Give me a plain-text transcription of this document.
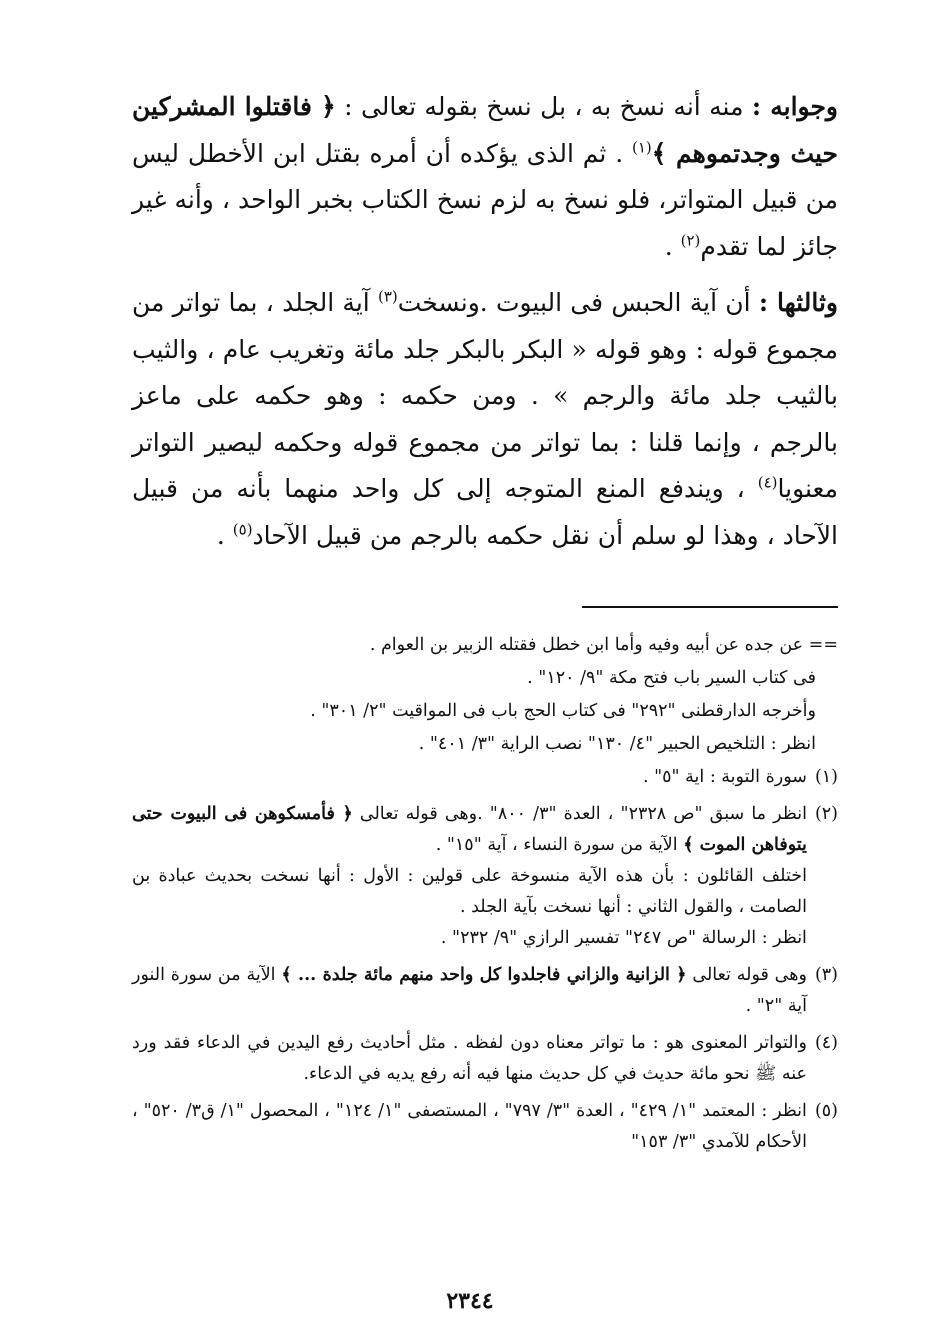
وجوابه : منه أنه نسخ به ، بل نسخ بقوله تعالى : ﴿ فاقتلوا المشركين حيث وجدتموهم ﴾$^{(١)}$ . ثم الذى يؤكده أن أمره بقتل ابن الأخطل ليس من قبيل المتواتر، فلو نسخ به لزم نسخ الكتاب بخبر الواحد ، وأنه غير جائز لما تقدم$^{(٢)}$ .

وثالثها : أن آية الحبس فى البيوت .ونسخت$^{(٣)}$ آية الجلد ، بما تواتر من مجموع قوله : وهو قوله « البكر بالبكر جلد مائة وتغريب عام ، والثيب بالثيب جلد مائة والرجم » . ومن حكمه : وهو حكمه على ماعز بالرجم ، وإنما قلنا : بما تواتر من مجموع قوله وحكمه ليصير التواتر معنويا$^{(٤)}$ ، ويندفع المنع المتوجه إلى كل واحد منهما بأنه من قبيل الآحاد ، وهذا لو سلم أن نقل حكمه بالرجم من قبيل الآحاد$^{(٥)}$ .

== عن جده عن أبيه وفيه وأما ابن خطل فقتله الزبير بن العوام .
فى كتاب السير باب فتح مكة "٩/ ١٢٠" .
وأخرجه الدارقطنى "٢٩٢" فى كتاب الحج باب فى المواقيت "٢/ ٣٠١" .
انظر : التلخيص الحبير "٤/ ١٣٠" نصب الراية "٣/ ٤٠١" .
(١)
سورة التوبة : اية "٥" .
(٢)
انظر ما سبق "ص ٢٣٢٨" ، العدة "٣/ ٨٠٠" .وهى قوله تعالى ﴿ فأمسكوهن فى البيوت حتى يتوفاهن الموت ﴾ الآية من سورة النساء ، آية "١٥" .
اختلف القائلون : بأن هذه الآية منسوخة على قولين : الأول : أنها نسخت بحديث عبادة بن الصامت ، والقول الثاني : أنها نسخت بآية الجلد .
انظر : الرسالة "ص ٢٤٧" تفسير الرازي "٩/ ٢٣٢" .
(٣)
وهى قوله تعالى ﴿ الزانية والزاني فاجلدوا كل واحد منهم مائة جلدة ... ﴾ الآية من سورة النور آية "٢" .
(٤)
والتواتر المعنوى هو : ما تواتر معناه دون لفظه . مثل أحاديث رفع اليدين في الدعاء فقد ورد عنه ﷺ نحو مائة حديث في كل حديث منها فيه أنه رفع يديه في الدعاء.
(٥)
انظر : المعتمد "١/ ٤٢٩" ، العدة "٣/ ٧٩٧" ، المستصفى "١/ ١٢٤" ، المحصول "١/ ق٣/ ٥٢٠" ، الأحكام للآمدي "٣/ ١٥٣"
٢٣٤٤
